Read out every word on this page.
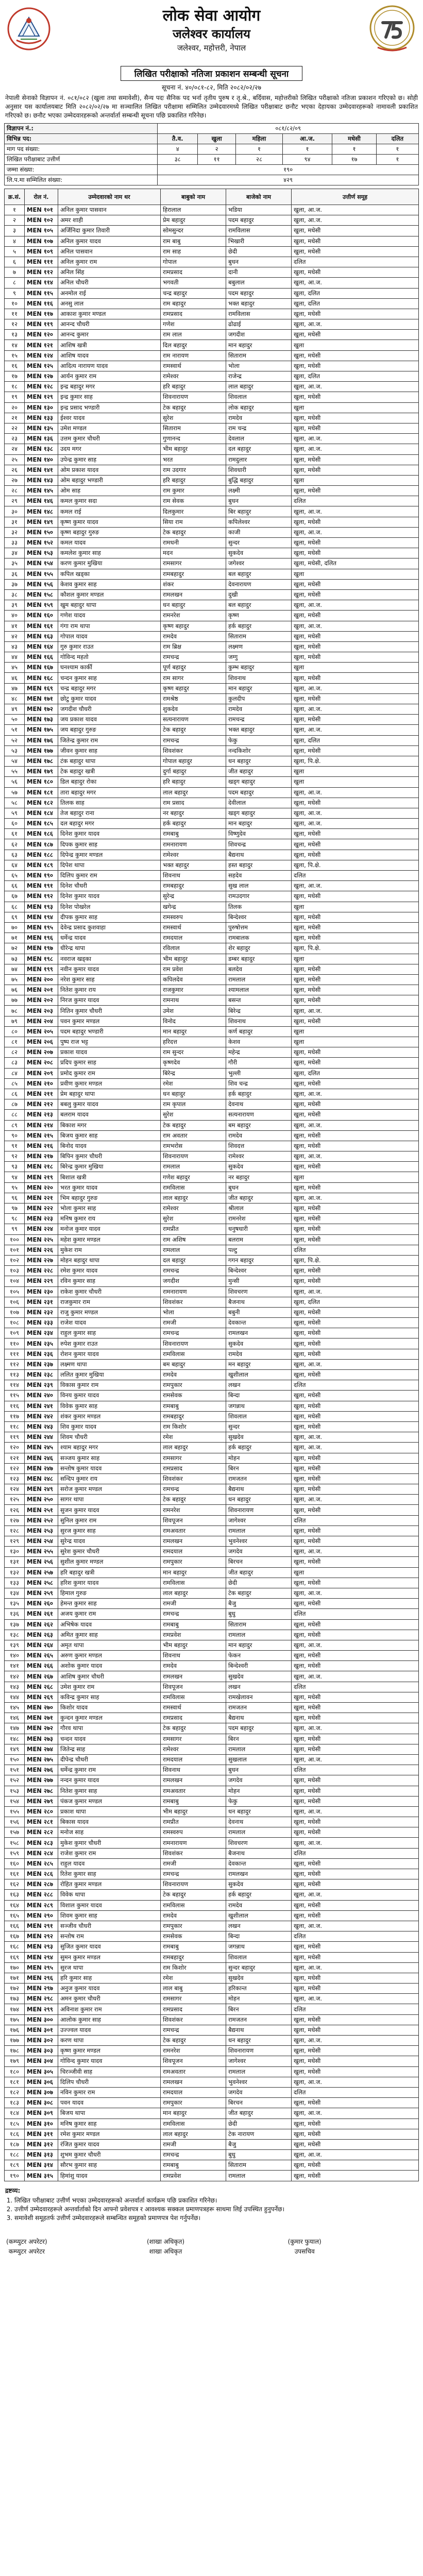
लोक सेवा आयोग
जलेश्वर कार्यालय
जलेश्वर, महोत्तरी, नेपाल
लिखित परीक्षाको नतिजा प्रकाशन सम्बन्धी सूचना
सूचना नं. ४०/०८१-८२, मिति २०८२/०२/२७
नेपाली सेनाको विज्ञापन नं. ०८१/०८२ (खुला तथा समावेशी), सैन्य पदः सैनिक पद भर्ना तृतीय पुरुष र तृ.श्रे., बर्दिवास, महोत्तरीको लिखित परीक्षाको नतिजा प्रकाशन गरिएको छ। सोही अनुसार यस कार्यालयबाट मिति २०८२/०२/२७ मा सञ्चालित लिखित परीक्षामा सम्मिलित उम्मेदवारमध्ये लिखित परीक्षाबाट छनौट भएका देहायका उम्मेदवारहरूको नामावली प्रकाशित गरिएको छ। छनौट भएका उम्मेदवारहरूको अन्तर्वार्ता सम्बन्धी सूचना पछि प्रकाशित गरिनेछ।
विज्ञापन नं.:	०८१/८२/०९					
विभिन्न पद:	तै.व.	खुला	महिला	आ.ज.	मधेसी	दलित
माग पद संख्या:	४	२	१	१	१	१
लिखित परीक्षाबाट उत्तीर्ण	३८	११	२८	९४	१७	१
जम्मा संख्या:	१९०					
लि.प.मा सम्मिलित संख्या:	४२९					
क्र.सं.	रोल नं.	उम्मेदवारको नाम थर	बाबुको नाम	बाजेको नाम	उत्तीर्ण समूह
१	MEN १०१	अनिल कुमार पासवान	हिरालाल	भडिया	खुला, आ.ज.
२	MEN १०२	अमर शाही	प्रेम बहादुर	पदम बहादुर	खुला, आ.ज.
३	MEN १०५	अर्जिनिदा कुमार तिवारी	सोमसुन्दर	रामविलास	खुला, मधेसी
४	MEN १०७	अनिल कुमार यादव	राम बाबु	भिखारी	खुला, मधेसी
५	MEN १०९	अनिल पासवान	राम साह	छेदी	खुला, मधेसी
६	MEN १११	अनिल कुमार राम	गोपाल	बुधन	दलित
७	MEN ११२	अनिल सिंह	रामप्रसाद	दानी	खुला, मधेसी
८	MEN ११४	अनिल चौधरी	भगवती	बबुलाल	खुला, आ.ज.
९	MEN ११५	अनमोल राई	चन्द्र बहादुर	पदम बहादुर	खुला, दलित
१०	MEN ११६	अनसु लाल	राम बहादुर	भक्त बहादुर	खुला, दलित
११	MEN ११७	आकाश कुमार मण्डल	रामप्रसाद	रामविलास	खुला, मधेसी
१२	MEN ११९	आनन्द चौधरी	गणेश	ढोढाई	खुला, आ.ज.
१३	MEN १२०	आनन्द कुमार	राम लाल	जगदीश	खुला, मधेसी
१४	MEN १२१	आशिष खत्री	दिल बहादुर	मान बहादुर	खुला
१५	MEN १२४	आशिष यादव	राम नारायण	सिताराम	खुला, मधेसी
१६	MEN १२५	आदित्य नारायण यादव	रामस्वार्थ	भोला	खुला, मधेसी
१७	MEN १२७	आर्यन कुमार राम	रामेश्वर	राजेन्द्र	खुला, दलित
१८	MEN १२८	इन्द्र बहादुर मगर	हरि बहादुर	लाल बहादुर	खुला, आ.ज.
१९	MEN १२९	इन्द्र कुमार साह	शिवनारायण	शिवलाल	खुला, मधेसी
२०	MEN १३०	इन्द्र प्रसाद भण्डारी	टेक बहादुर	लोक बहादुर	खुला
२१	MEN १३३	ईश्वर यादव	सुरेश	रामदेव	खुला, मधेसी
२२	MEN १३५	उमेश मण्डल	सिताराम	राम चन्द्र	खुला, मधेसी
२३	MEN १३६	उत्तम कुमार चौधरी	गुणानन्द	देवलाल	खुला, आ.ज.
२४	MEN १३८	उदय मगर	भीम बहादुर	दल बहादुर	खुला, आ.ज.
२५	MEN १४०	उपेन्द्र कुमार साह	भरत	रामदुलार	खुला, मधेसी
२६	MEN १४१	ओम प्रकाश यादव	राम उदगार	शिवधारी	खुला, मधेसी
२७	MEN १४३	ओम बहादुर भण्डारी	हरि बहादुर	बुद्धि बहादुर	खुला
२८	MEN १४५	ओम साह	राम कुमार	लक्ष्मी	खुला, मधेसी
२९	MEN १४६	कमल कुमार सदा	राम सेवक	बुधन	दलित
३०	MEN १४८	कमल राई	दिलकुमार	बिर बहादुर	खुला, आ.ज.
३१	MEN १४९	कृष्ण कुमार यादव	सिया राम	कपिलेश्वर	खुला, मधेसी
३२	MEN १५०	कृष्ण बहादुर गुरुङ	टेक बहादुर	काजी	खुला, आ.ज.
३३	MEN १५२	कमल यादव	रामधनी	सुन्दर	खुला, मधेसी
३४	MEN १५३	कमलेश कुमार साह	मदन	सुकदेव	खुला, मधेसी
३५	MEN १५४	करण कुमार मुखिया	रामसागर	जगेश्वर	खुला, मधेसी, दलित
३६	MEN १५५	कपिल खड्का	रामबहादुर	बल बहादुर	खुला
३७	MEN १५६	केशव कुमार साह	शंकर	देवनारायण	खुला, मधेसी
३८	MEN १५८	कौशल कुमार मण्डल	रामलखन	दुखी	खुला, मधेसी
३९	MEN १५९	खुम बहादुर थापा	धन बहादुर	बल बहादुर	खुला, आ.ज.
४०	MEN १६०	गणेश यादव	रामनरेश	कृष्ण	खुला, मधेसी
४१	MEN १६१	गंगा राम थापा	कृष्ण बहादुर	हर्क बहादुर	खुला, आ.ज.
४२	MEN १६३	गोपाल यादव	रामदेव	सिताराम	खुला, मधेसी
४३	MEN १६४	गुरु कुमार राउत	राम ब्रिक्ष	लक्ष्मण	खुला, मधेसी
४४	MEN १६६	गोविन्द महतो	रामचन्द्र	जग्गु	खुला, मधेसी
४५	MEN १६७	घनश्याम कार्की	पूर्ण बहादुर	कुम्भ बहादुर	खुला
४६	MEN १६८	चन्दन कुमार साह	राम सागर	शिवनाथ	खुला, मधेसी
४७	MEN १६९	चन्द्र बहादुर मगर	कृष्ण बहादुर	मान बहादुर	खुला, आ.ज.
४८	MEN १७१	छोटु कुमार यादव	रामश्रेष्ठ	कुलदीप	खुला, मधेसी
४९	MEN १७२	जगदीश चौधरी	शुकदेव	रामदेव	खुला, आ.ज.
५०	MEN १७३	जय प्रकाश यादव	सत्यनारायण	रामचन्द्र	खुला, मधेसी
५१	MEN १७५	जय बहादुर गुरुङ	टेक बहादुर	भक्त बहादुर	खुला, आ.ज.
५२	MEN १७६	जितेन्द्र कुमार राम	रामचन्द्र	फेकु	खुला, दलित
५३	MEN १७७	जीवन कुमार साह	शिवशंकर	नन्दकिशोर	खुला, मधेसी
५४	MEN १७८	टंक बहादुर थापा	गोपाल बहादुर	धन बहादुर	खुला, पि.क्षे.
५५	MEN १७९	टेक बहादुर खत्री	दुर्गा बहादुर	जीत बहादुर	खुला
५६	MEN १८०	डिल बहादुर रोका	हरि बहादुर	खड्ग बहादुर	खुला
५७	MEN १८१	तारा बहादुर मगर	लाल बहादुर	पदम बहादुर	खुला, आ.ज.
५८	MEN १८२	तिलक साह	राम प्रसाद	देवीलाल	खुला, मधेसी
५९	MEN १८४	तेज बहादुर राना	नर बहादुर	खड्ग बहादुर	खुला, आ.ज.
६०	MEN १८५	दल बहादुर मगर	हर्क बहादुर	मान बहादुर	खुला, आ.ज.
६१	MEN १८६	दिनेश कुमार यादव	रामबाबु	विष्णुदेव	खुला, मधेसी
६२	MEN १८७	दिपक कुमार साह	रामनारायण	शिवचन्द्र	खुला, मधेसी
६३	MEN १८८	दिपेन्द्र कुमार मण्डल	रामेश्वर	बैद्यनाथ	खुला, मधेसी
६४	MEN १८९	दिपेश थापा	भक्त बहादुर	हस्त बहादुर	खुला, पि.क्षे.
६५	MEN १९०	दिलिप कुमार राम	शिवनाथ	सहदेव	दलित
६६	MEN १९१	दिनेश चौधरी	रामबहादुर	सुख लाल	खुला, आ.ज.
६७	MEN १९२	दिनेश कुमार यादव	सुरेन्द्र	रामउदगार	खुला, मधेसी
६८	MEN १९३	दिनेश पोखरेल	खगेन्द्र	तिलक	खुला
६९	MEN १९४	दीपक कुमार साह	रामस्वरुप	बिन्देश्वर	खुला, मधेसी
७०	MEN १९५	देवेन्द्र प्रसाद कुशवाहा	रामस्वार्थ	पुरुषोत्तम	खुला, मधेसी
७१	MEN १९६	धर्मेन्द्र यादव	रामदयाल	रामबालक	खुला, मधेसी
७२	MEN १९७	धीरेन्द्र थापा	रविलाल	शेर बहादुर	खुला, पि.क्षे.
७३	MEN १९८	नवराज खड्का	भीम बहादुर	डम्बर बहादुर	खुला
७४	MEN १९९	नवीन कुमार यादव	राम प्रवेश	बलदेव	खुला, मधेसी
७५	MEN २००	नरेश कुमार साह	कपिलदेव	रामलाल	खुला, मधेसी
७६	MEN २०१	नितेश कुमार राय	राजकुमार	श्यामलाल	खुला, मधेसी
७७	MEN २०२	निरज कुमार यादव	रामनाथ	बसन्त	खुला, मधेसी
७८	MEN २०३	नितिन कुमार चौधरी	उमेश	बिरेन्द्र	खुला, आ.ज.
७९	MEN २०४	पवन कुमार मण्डल	विनोद	शिवनाथ	खुला, मधेसी
८०	MEN २०५	पदम बहादुर भण्डारी	मान बहादुर	कर्ण बहादुर	खुला
८१	MEN २०६	पुष्प राज भट्ट	हरिदत्त	केशव	खुला
८२	MEN २०७	प्रकाश यादव	राम सुन्दर	महेन्द्र	खुला, मधेसी
८३	MEN २०८	प्रदिप कुमार साह	कृष्णदेव	गौरी	खुला, मधेसी
८४	MEN २०९	प्रमोद कुमार राम	बिरेन्द्र	भुल्ली	खुला, दलित
८५	MEN २१०	प्रवीण कुमार मण्डल	रमेश	शिव चन्द्र	खुला, मधेसी
८६	MEN २११	प्रेम बहादुर थापा	धन बहादुर	हर्क बहादुर	खुला, आ.ज.
८७	MEN २१२	बबलु कुमार यादव	राम कृपाल	देवनाथ	खुला, मधेसी
८८	MEN २१३	बलराम यादव	सुरेश	सत्यनारायण	खुला, मधेसी
८९	MEN २१४	बिकाश मगर	टेक बहादुर	बम बहादुर	खुला, आ.ज.
९०	MEN २१५	बिजय कुमार साह	राम अवतार	रामदेव	खुला, मधेसी
९१	MEN २१६	बिनोद यादव	रामभरोस	शिवदत्त	खुला, मधेसी
९२	MEN २१७	बिपिन कुमार चौधरी	शिवनारायण	रामेश्वर	खुला, आ.ज.
९३	MEN २१८	बिरेन्द्र कुमार मुखिया	रामलाल	सुकदेव	खुला, मधेसी
९४	MEN २१९	बिशाल खत्री	गणेश बहादुर	नर बहादुर	खुला
९५	MEN २२०	भरत कुमार यादव	रामविलास	बुधन	खुला, मधेसी
९६	MEN २२१	भिम बहादुर गुरुङ	लाल बहादुर	जीत बहादुर	खुला, आ.ज.
९७	MEN २२२	भोला कुमार साह	रामेश्वर	श्रीलाल	खुला, मधेसी
९८	MEN २२३	मनिष कुमार राय	सुरेश	रामनरेश	खुला, मधेसी
९९	MEN २२४	मनोज कुमार यादव	रामप्रीत	धनुषधारी	खुला, मधेसी
१००	MEN २२५	महेश कुमार मण्डल	राम अशिष	बलराम	खुला, मधेसी
१०१	MEN २२६	मुकेश राम	रामलाल	पल्टु	दलित
१०२	MEN २२७	मोहन बहादुर थापा	दल बहादुर	गगन बहादुर	खुला, पि.क्षे.
१०३	MEN २२८	रमेश कुमार यादव	रामचन्द्र	बिन्देश्वर	खुला, मधेसी
१०४	MEN २२९	रविन कुमार साह	जगदीश	मुन्सी	खुला, मधेसी
१०५	MEN २३०	राकेश कुमार चौधरी	रामनारायण	शिवचरण	खुला, आ.ज.
१०६	MEN २३१	राजकुमार राम	शिवशंकर	बैजनाथ	खुला, दलित
१०७	MEN २३२	राजु कुमार मण्डल	भोला	बबुनी	खुला, मधेसी
१०८	MEN २३३	राजेश यादव	रामजी	देवकान्त	खुला, मधेसी
१०९	MEN २३४	राहुल कुमार साह	रामचन्द्र	रामलखन	खुला, मधेसी
११०	MEN २३५	रुपेश कुमार राउत	शिवनारायण	सुकदेव	खुला, मधेसी
१११	MEN २३६	रोशन कुमार यादव	रामविलास	रामदेव	खुला, मधेसी
११२	MEN २३७	लक्ष्मण थापा	बम बहादुर	मन बहादुर	खुला, आ.ज.
११३	MEN २३८	ललित कुमार मुखिया	रामदेव	खुशीलाल	खुला, मधेसी
११४	MEN २३९	विकास कुमार राम	रामपुकार	लखन	दलित
११५	MEN २४०	विनय कुमार यादव	रामसेवक	बिन्दा	खुला, मधेसी
११६	MEN २४१	विवेक कुमार साह	रामबाबु	जगन्नाथ	खुला, मधेसी
११७	MEN २४२	शंकर कुमार मण्डल	रामबहादुर	शिवलाल	खुला, मधेसी
११८	MEN २४३	शिव कुमार यादव	राम किशोर	सुन्दर	खुला, मधेसी
११९	MEN २४४	शिवम चौधरी	रमेश	सुखदेव	खुला, आ.ज.
१२०	MEN २४५	श्याम बहादुर मगर	लाल बहादुर	हर्क बहादुर	खुला, आ.ज.
१२१	MEN २४६	सञ्जय कुमार साह	रामसागर	मोहन	खुला, मधेसी
१२२	MEN २४७	सन्तोष कुमार यादव	रामप्रसाद	बिरन	खुला, मधेसी
१२३	MEN २४८	सन्दिप कुमार राय	शिवशंकर	रामजतन	खुला, मधेसी
१२४	MEN २४९	सरोज कुमार मण्डल	रामचन्द्र	बैद्यनाथ	खुला, मधेसी
१२५	MEN २५०	सागर थापा	टेक बहादुर	धन बहादुर	खुला, आ.ज.
१२६	MEN २५१	सुजन कुमार यादव	रामनरेश	शिवनारायण	खुला, मधेसी
१२७	MEN २५२	सुनिल कुमार राम	शिवपूजन	जागेश्वर	दलित
१२८	MEN २५३	सुरज कुमार साह	रामअवतार	रामलाल	खुला, मधेसी
१२९	MEN २५४	सुरेन्द्र यादव	रामलखन	भुवनेश्वर	खुला, मधेसी
१३०	MEN २५५	सुरेश कुमार चौधरी	रामदयाल	जगदेव	खुला, आ.ज.
१३१	MEN २५६	सुशील कुमार मण्डल	रामपुकार	बिरचन	खुला, मधेसी
१३२	MEN २५७	हरि बहादुर खत्री	मान बहादुर	जीत बहादुर	खुला
१३३	MEN २५८	हरिश कुमार यादव	रामविलास	छेदी	खुला, मधेसी
१३४	MEN २५९	हिमाल गुरुङ	लाल बहादुर	टेक बहादुर	खुला, आ.ज.
१३५	MEN २६०	हेमन्त कुमार साह	रामजी	बैजु	खुला, मधेसी
१३६	MEN २६१	अजय कुमार राम	रामचन्द्र	बुधु	दलित
१३७	MEN २६२	अभिषेक यादव	रामबाबु	सिताराम	खुला, मधेसी
१३८	MEN २६३	अमित कुमार साह	रामप्रवेश	रामलाल	खुला, मधेसी
१३९	MEN २६४	अमृत थापा	भीम बहादुर	मान बहादुर	खुला, आ.ज.
१४०	MEN २६५	अरुण कुमार मण्डल	शिवनाथ	फेकन	खुला, मधेसी
१४१	MEN २६६	अशोक कुमार यादव	रामदेव	बिन्देश्वरी	खुला, मधेसी
१४२	MEN २६७	आशिष कुमार चौधरी	रामलखन	सुखदेव	खुला, आ.ज.
१४३	MEN २६८	उमेश कुमार राम	शिवपूजन	लखन	दलित
१४४	MEN २६९	कविन्द्र कुमार साह	रामविलास	रामखेलावन	खुला, मधेसी
१४५	MEN २७०	किशोर यादव	रामस्वार्थ	रामजतन	खुला, मधेसी
१४६	MEN २७१	कुन्दन कुमार मण्डल	रामप्रसाद	बैद्यनाथ	खुला, मधेसी
१४७	MEN २७२	गौरव थापा	टेक बहादुर	पदम बहादुर	खुला, आ.ज.
१४८	MEN २७३	चन्दन यादव	रामसागर	बिरन	खुला, मधेसी
१४९	MEN २७४	जितेन्द्र साह	रामेश्वर	रामलाल	खुला, मधेसी
१५०	MEN २७५	दीपेन्द्र चौधरी	रामदयाल	सुखलाल	खुला, आ.ज.
१५१	MEN २७६	धर्मेन्द्र कुमार राम	शिवनाथ	बुधन	दलित
१५२	MEN २७७	नन्दन कुमार यादव	रामलखन	जगदेव	खुला, मधेसी
१५३	MEN २७८	नितेश कुमार साह	रामअवतार	मोहन	खुला, मधेसी
१५४	MEN २७९	पंकज कुमार मण्डल	रामबाबु	फेकु	खुला, मधेसी
१५५	MEN २८०	प्रकाश थापा	भीम बहादुर	धन बहादुर	खुला, आ.ज.
१५६	MEN २८१	बिकास यादव	रामप्रीत	देवनाथ	खुला, मधेसी
१५७	MEN २८२	मनोज साह	रामस्वरुप	रामलाल	खुला, मधेसी
१५८	MEN २८३	मुकेश कुमार चौधरी	रामनारायण	शिवचरण	खुला, आ.ज.
१५९	MEN २८४	राजेश कुमार राम	शिवशंकर	बैजनाथ	दलित
१६०	MEN २८५	राहुल यादव	रामजी	देवकान्त	खुला, मधेसी
१६१	MEN २८६	रितेश कुमार साह	रामचन्द्र	रामलखन	खुला, मधेसी
१६२	MEN २८७	रोहित कुमार मण्डल	शिवनारायण	सुकदेव	खुला, मधेसी
१६३	MEN २८८	विवेक थापा	टेक बहादुर	हर्क बहादुर	खुला, आ.ज.
१६४	MEN २८९	विशाल कुमार यादव	रामविलास	रामदेव	खुला, मधेसी
१६५	MEN २९०	शिवम कुमार साह	रामदेव	खुशीलाल	खुला, मधेसी
१६६	MEN २९१	सञ्जीव चौधरी	रामपुकार	लखन	खुला, आ.ज.
१६७	MEN २९२	सन्तोष राम	रामसेवक	बिन्दा	दलित
१६८	MEN २९३	सुजित कुमार यादव	रामबाबु	जगन्नाथ	खुला, मधेसी
१६९	MEN २९४	सुमन कुमार मण्डल	रामबहादुर	शिवलाल	खुला, मधेसी
१७०	MEN २९५	सुरज थापा	राम किशोर	सुन्दर बहादुर	खुला, आ.ज.
१७१	MEN २९६	हरि कुमार साह	रमेश	सुखदेव	खुला, मधेसी
१७२	MEN २९७	अनुज कुमार यादव	लाल बाबु	हरिकान्त	खुला, मधेसी
१७३	MEN २९८	अमन कुमार चौधरी	रामसागर	मोहन	खुला, आ.ज.
१७४	MEN २९९	अविनाश कुमार राम	रामप्रसाद	बिरन	दलित
१७५	MEN ३००	आलोक कुमार साह	शिवशंकर	रामजतन	खुला, मधेसी
१७६	MEN ३०१	उज्ज्वल यादव	रामचन्द्र	बैद्यनाथ	खुला, मधेसी
१७७	MEN ३०२	करण थापा	टेक बहादुर	धन बहादुर	खुला, आ.ज.
१७८	MEN ३०३	कृष्ण कुमार मण्डल	रामनरेश	शिवनारायण	खुला, मधेसी
१७९	MEN ३०४	गोविन्द कुमार यादव	शिवपूजन	जागेश्वर	खुला, मधेसी
१८०	MEN ३०५	चिरञ्जीवी साह	रामअवतार	रामलाल	खुला, मधेसी
१८१	MEN ३०६	दिलिप चौधरी	रामलखन	भुवनेश्वर	खुला, आ.ज.
१८२	MEN ३०७	नविन कुमार राम	रामदयाल	जगदेव	दलित
१८३	MEN ३०८	पवन यादव	रामपुकार	बिरचन	खुला, मधेसी
१८४	MEN ३०९	बिजय थापा	मान बहादुर	जीत बहादुर	खुला, आ.ज.
१८५	MEN ३१०	मनिष कुमार साह	रामविलास	छेदी	खुला, मधेसी
१८६	MEN ३११	रमेश कुमार मण्डल	लाल बहादुर	टेक नारायण	खुला, मधेसी
१८७	MEN ३१२	रंजित कुमार यादव	रामजी	बैजु	खुला, मधेसी
१८८	MEN ३१३	शुभम कुमार चौधरी	रामचन्द्र	बुधु	खुला, आ.ज.
१८९	MEN ३१४	सौरभ कुमार साह	रामबाबु	सिताराम	खुला, मधेसी
१९०	MEN ३१५	हिमांशु यादव	रामप्रवेश	रामलाल	खुला, मधेसी
द्रष्टव्य:
1. लिखित परीक्षाबाट उत्तीर्ण भएका उम्मेदवारहरूको अन्तर्वार्ता कार्यक्रम पछि प्रकाशित गरिनेछ।
2. उत्तीर्ण उम्मेदवारहरूले अन्तर्वार्ताको दिन आफ्नो प्रवेशपत्र र आवश्यक सक्कल प्रमाणपत्रहरू साथमा लिई उपस्थित हुनुपर्नेछ।
3. समावेशी समूहतर्फ उत्तीर्ण उम्मेदवारहरूले सम्बन्धित समूहको प्रमाणपत्र पेश गर्नुपर्नेछ।
(कम्प्युटर अपरेटर)
कम्प्युटर अपरेटर
(शाखा अधिकृत)
शाखा अधिकृत
(कुमार फुयाल)
उपसचिव
